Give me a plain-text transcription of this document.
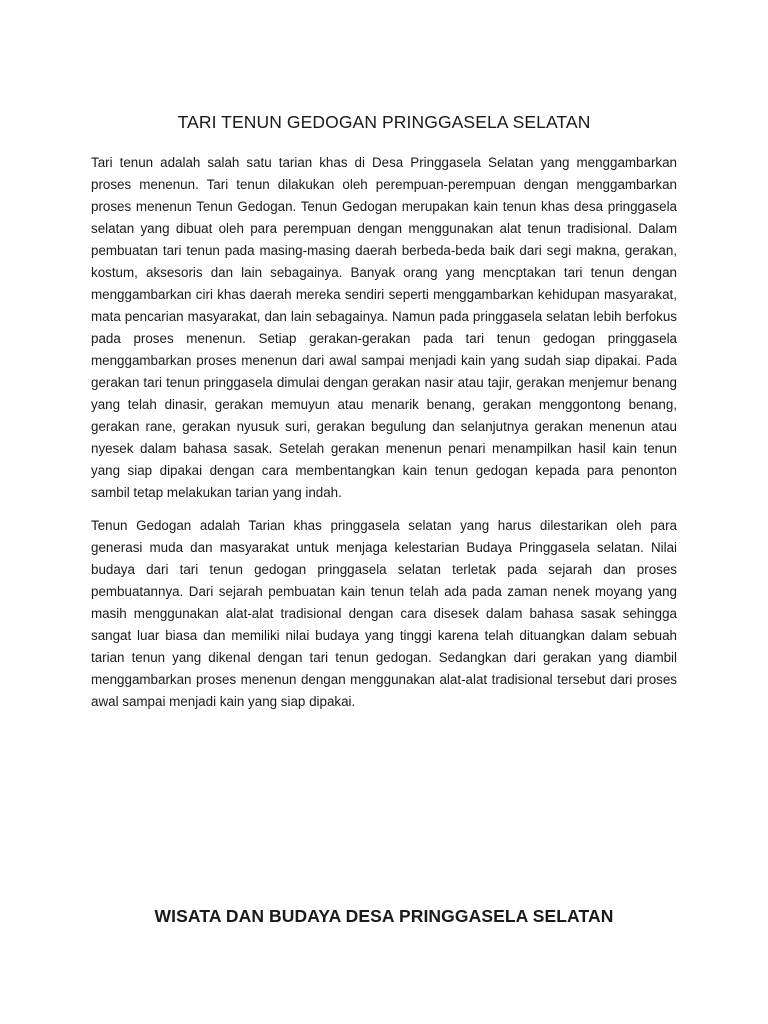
TARI TENUN GEDOGAN PRINGGASELA SELATAN

Tari tenun adalah salah satu tarian khas di Desa Pringgasela Selatan yang menggambarkan proses menenun. Tari tenun dilakukan oleh perempuan-perempuan dengan menggambarkan proses menenun Tenun Gedogan. Tenun Gedogan merupakan kain tenun khas desa pringgasela selatan yang dibuat oleh para perempuan dengan menggunakan alat tenun tradisional. Dalam pembuatan tari tenun pada masing-masing daerah berbeda-beda baik dari segi makna, gerakan, kostum, aksesoris dan lain sebagainya. Banyak orang yang mencptakan tari tenun dengan menggambarkan ciri khas daerah mereka sendiri seperti menggambarkan kehidupan masyarakat, mata pencarian masyarakat, dan lain sebagainya. Namun pada pringgasela selatan lebih berfokus pada proses menenun. Setiap gerakan-gerakan pada tari tenun gedogan pringgasela menggambarkan proses menenun dari awal sampai menjadi kain yang sudah siap dipakai. Pada gerakan tari tenun pringgasela dimulai dengan gerakan nasir atau tajir, gerakan menjemur benang yang telah dinasir, gerakan memuyun atau menarik benang, gerakan menggontong benang, gerakan rane, gerakan nyusuk suri, gerakan begulung dan selanjutnya gerakan menenun atau nyesek dalam bahasa sasak. Setelah gerakan menenun penari menampilkan hasil kain tenun yang siap dipakai dengan cara membentangkan kain tenun gedogan kepada para penonton sambil tetap melakukan tarian yang indah.

Tenun Gedogan adalah Tarian khas pringgasela selatan yang harus dilestarikan oleh para generasi muda dan masyarakat untuk menjaga kelestarian Budaya Pringgasela selatan. Nilai budaya dari tari tenun gedogan pringgasela selatan terletak pada sejarah dan proses pembuatannya. Dari sejarah pembuatan kain tenun telah ada pada zaman nenek moyang yang masih menggunakan alat-alat tradisional dengan cara disesek dalam bahasa sasak sehingga sangat luar biasa dan memiliki nilai budaya yang tinggi karena telah dituangkan dalam sebuah tarian tenun yang dikenal dengan tari tenun gedogan. Sedangkan dari gerakan yang diambil menggambarkan proses menenun dengan menggunakan alat-alat tradisional tersebut dari proses awal sampai menjadi kain yang siap dipakai.

WISATA DAN BUDAYA DESA PRINGGASELA SELATAN
